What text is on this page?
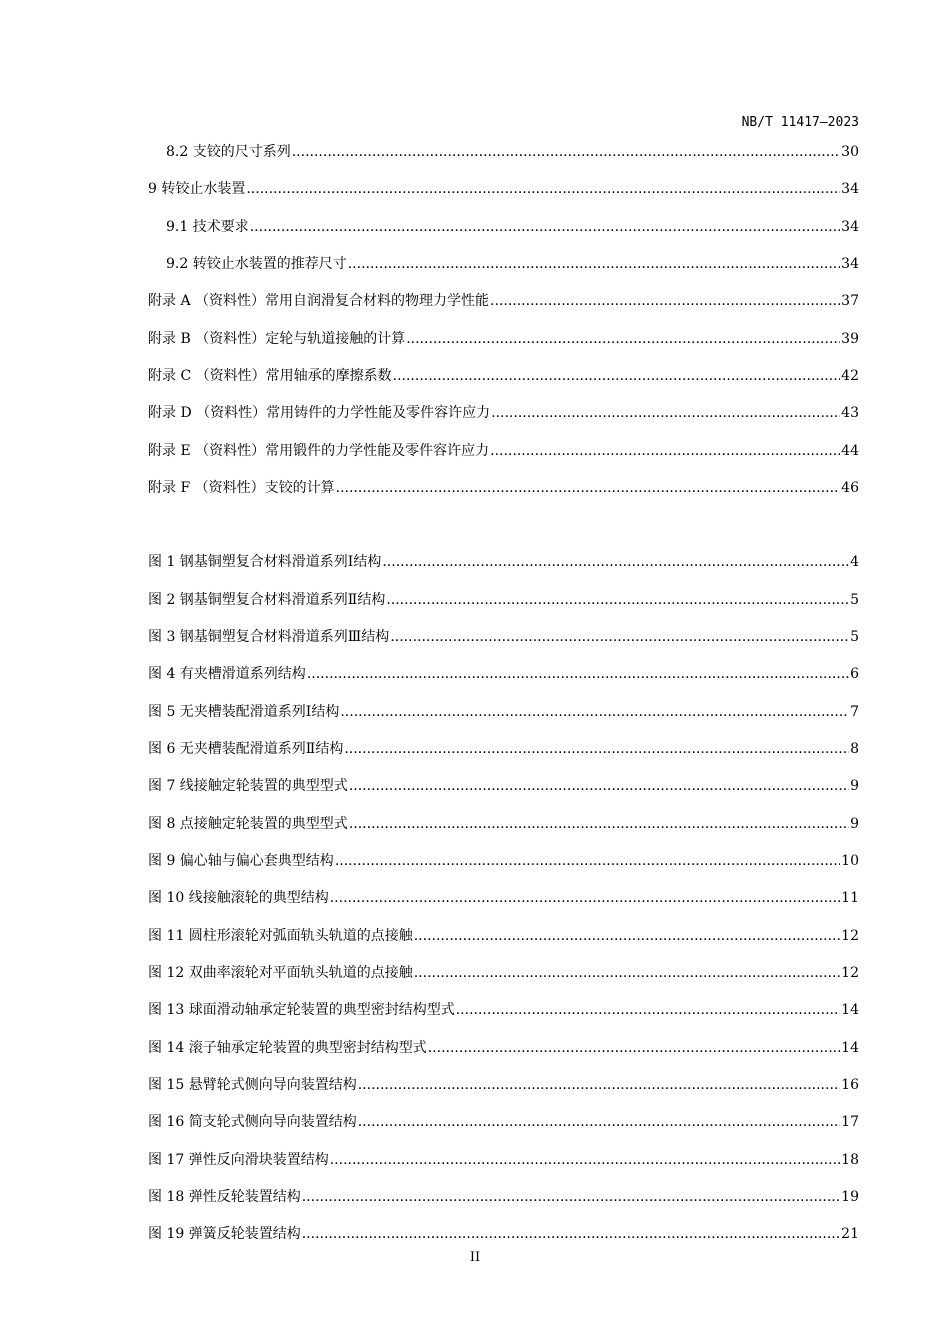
NB/T 11417—2023
8.2 支铰的尺寸系列 .....	30
9 转铰止水装置 .....	34
9.1 技术要求 .....	34
9.2 转铰止水装置的推荐尺寸 .....	34
附录 A （资料性）常用自润滑复合材料的物理力学性能 .....	37
附录 B （资料性）定轮与轨道接触的计算 .....	39
附录 C （资料性）常用轴承的摩擦系数 .....	42
附录 D （资料性）常用铸件的力学性能及零件容许应力 .....	43
附录 E （资料性）常用锻件的力学性能及零件容许应力 .....	44
附录 F （资料性）支铰的计算 .....	46
图 1 钢基铜塑复合材料滑道系列Ⅰ结构 .....	4
图 2 钢基铜塑复合材料滑道系列Ⅱ结构 .....	5
图 3 钢基铜塑复合材料滑道系列Ⅲ结构 .....	5
图 4 有夹槽滑道系列结构 .....	6
图 5 无夹槽装配滑道系列Ⅰ结构 .....	7
图 6 无夹槽装配滑道系列Ⅱ结构 .....	8
图 7 线接触定轮装置的典型型式 .....	9
图 8 点接触定轮装置的典型型式 .....	9
图 9 偏心轴与偏心套典型结构 .....	10
图 10 线接触滚轮的典型结构 .....	11
图 11 圆柱形滚轮对弧面轨头轨道的点接触 .....	12
图 12 双曲率滚轮对平面轨头轨道的点接触 .....	12
图 13 球面滑动轴承定轮装置的典型密封结构型式 .....	14
图 14 滚子轴承定轮装置的典型密封结构型式 .....	14
图 15 悬臂轮式侧向导向装置结构 .....	16
图 16 简支轮式侧向导向装置结构 .....	17
图 17 弹性反向滑块装置结构 .....	18
图 18 弹性反轮装置结构 .....	19
图 19 弹簧反轮装置结构 .....	21
II
